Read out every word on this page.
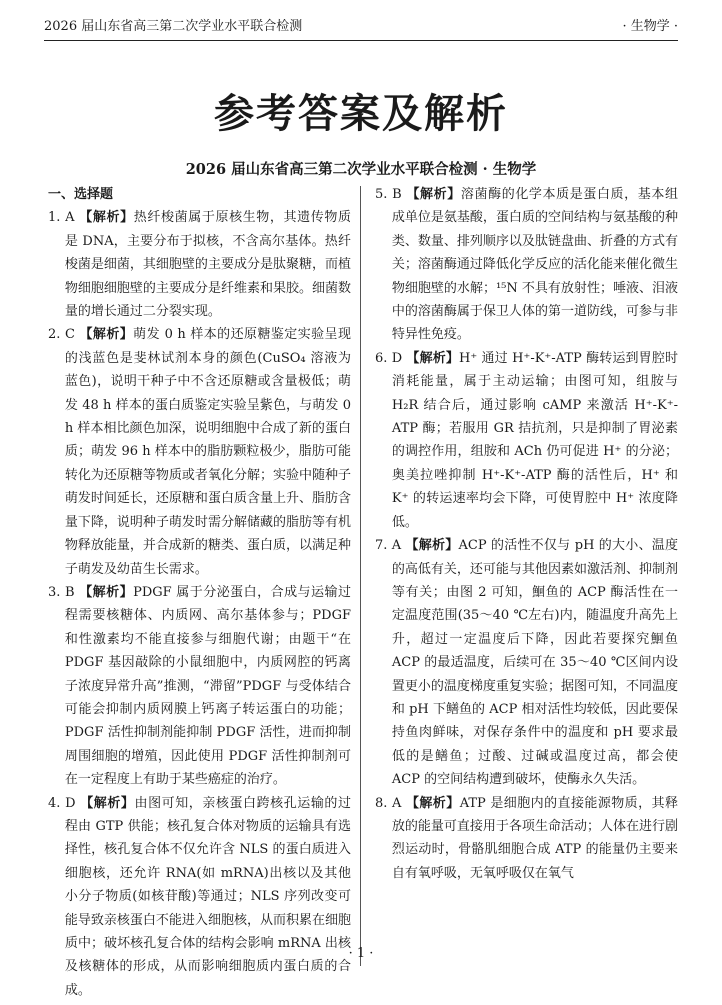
2026 届山东省高三第二次学业水平联合检测	· 生物学 ·
参考答案及解析
2026 届山东省高三第二次学业水平联合检测 · 生物学

一、选择题

1. A 【解析】热纤梭菌属于原核生物，其遗传物质是 DNA，主要分布于拟核，不含高尔基体。热纤梭菌是细菌，其细胞壁的主要成分是肽聚糖，而植物细胞细胞壁的主要成分是纤维素和果胶。细菌数量的增长通过二分裂实现。

2. C 【解析】萌发 0 h 样本的还原糖鉴定实验呈现的浅蓝色是斐林试剂本身的颜色(CuSO₄ 溶液为蓝色)，说明干种子中不含还原糖或含量极低；萌发 48 h 样本的蛋白质鉴定实验呈紫色，与萌发 0 h 样本相比颜色加深，说明细胞中合成了新的蛋白质；萌发 96 h 样本中的脂肪颗粒极少，脂肪可能转化为还原糖等物质或者氧化分解；实验中随种子萌发时间延长，还原糖和蛋白质含量上升、脂肪含量下降，说明种子萌发时需分解储藏的脂肪等有机物释放能量，并合成新的糖类、蛋白质，以满足种子萌发及幼苗生长需求。

3. B 【解析】PDGF 属于分泌蛋白，合成与运输过程需要核糖体、内质网、高尔基体参与；PDGF 和性激素均不能直接参与细胞代谢；由题干“在 PDGF 基因敲除的小鼠细胞中，内质网腔的钙离子浓度异常升高”推测，“滞留”PDGF 与受体结合可能会抑制内质网膜上钙离子转运蛋白的功能；PDGF 活性抑制剂能抑制 PDGF 活性，进而抑制周围细胞的增殖，因此使用 PDGF 活性抑制剂可在一定程度上有助于某些癌症的治疗。

4. D 【解析】由图可知，亲核蛋白跨核孔运输的过程由 GTP 供能；核孔复合体对物质的运输具有选择性，核孔复合体不仅允许含 NLS 的蛋白质进入细胞核，还允许 RNA(如 mRNA)出核以及其他小分子物质(如核苷酸)等通过；NLS 序列改变可能导致亲核蛋白不能进入细胞核，从而积累在细胞质中；破坏核孔复合体的结构会影响 mRNA 出核及核糖体的形成，从而影响细胞质内蛋白质的合成。

5. B 【解析】溶菌酶的化学本质是蛋白质，基本组成单位是氨基酸，蛋白质的空间结构与氨基酸的种类、数量、排列顺序以及肽链盘曲、折叠的方式有关；溶菌酶通过降低化学反应的活化能来催化微生物细胞壁的水解；¹⁵N 不具有放射性；唾液、泪液中的溶菌酶属于保卫人体的第一道防线，可参与非特异性免疫。

6. D 【解析】H⁺ 通过 H⁺-K⁺-ATP 酶转运到胃腔时消耗能量，属于主动运输；由图可知，组胺与 H₂R 结合后，通过影响 cAMP 来激活 H⁺-K⁺-ATP 酶；若服用 GR 拮抗剂，只是抑制了胃泌素的调控作用，组胺和 ACh 仍可促进 H⁺ 的分泌；奥美拉唑抑制 H⁺-K⁺-ATP 酶的活性后，H⁺ 和 K⁺ 的转运速率均会下降，可使胃腔中 H⁺ 浓度降低。

7. A 【解析】ACP 的活性不仅与 pH 的大小、温度的高低有关，还可能与其他因素如激活剂、抑制剂等有关；由图 2 可知，鮰鱼的 ACP 酶活性在一定温度范围(35～40 ℃左右)内，随温度升高先上升，超过一定温度后下降，因此若要探究鮰鱼 ACP 的最适温度，后续可在 35～40 ℃区间内设置更小的温度梯度重复实验；据图可知，不同温度和 pH 下鳝鱼的 ACP 相对活性均较低，因此要保持鱼肉鲜味，对保存条件中的温度和 pH 要求最低的是鳝鱼；过酸、过碱或温度过高，都会使 ACP 的空间结构遭到破坏，使酶永久失活。

8. A 【解析】ATP 是细胞内的直接能源物质，其释放的能量可直接用于各项生命活动；人体在进行剧烈运动时，骨骼肌细胞合成 ATP 的能量仍主要来自有氧呼吸，无氧呼吸仅在氧气

· 1 ·
